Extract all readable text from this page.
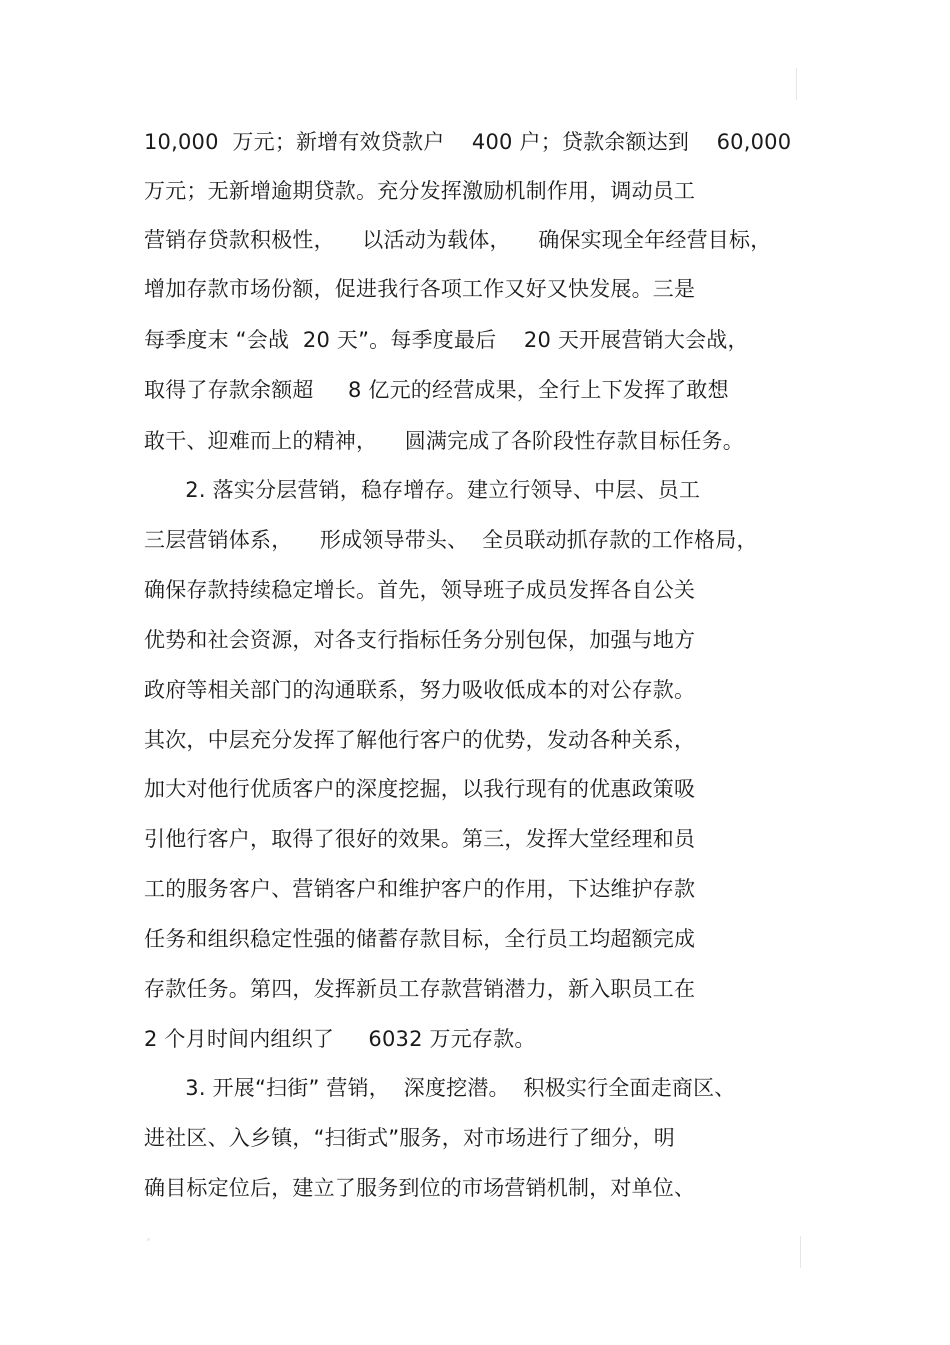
10,000  万元；新增有效贷款户    400 户；贷款余额达到    60,000
万元；无新增逾期贷款。充分发挥激励机制作用，调动员工
营销存贷款积极性，    以活动为载体，    确保实现全年经营目标，
增加存款市场份额，促进我行各项工作又好又快发展。三是
每季度末 “会战  20 天”。每季度最后    20 天开展营销大会战，
取得了存款余额超     8 亿元的经营成果，全行上下发挥了敢想
敢干、迎难而上的精神，    圆满完成了各阶段性存款目标任务。
2. 落实分层营销，稳存增存。建立行领导、中层、员工
三层营销体系，    形成领导带头、  全员联动抓存款的工作格局，
确保存款持续稳定增长。首先，领导班子成员发挥各自公关
优势和社会资源，对各支行指标任务分别包保，加强与地方
政府等相关部门的沟通联系，努力吸收低成本的对公存款。
其次，中层充分发挥了解他行客户的优势，发动各种关系，
加大对他行优质客户的深度挖掘，以我行现有的优惠政策吸
引他行客户，取得了很好的效果。第三，发挥大堂经理和员
工的服务客户、营销客户和维护客户的作用，下达维护存款
任务和组织稳定性强的储蓄存款目标，全行员工均超额完成
存款任务。第四，发挥新员工存款营销潜力，新入职员工在
2 个月时间内组织了     6032 万元存款。
3. 开展“扫街” 营销，  深度挖潜。  积极实行全面走商区、
进社区、入乡镇，“扫街式”服务，对市场进行了细分，明
确目标定位后，建立了服务到位的市场营销机制，对单位、
